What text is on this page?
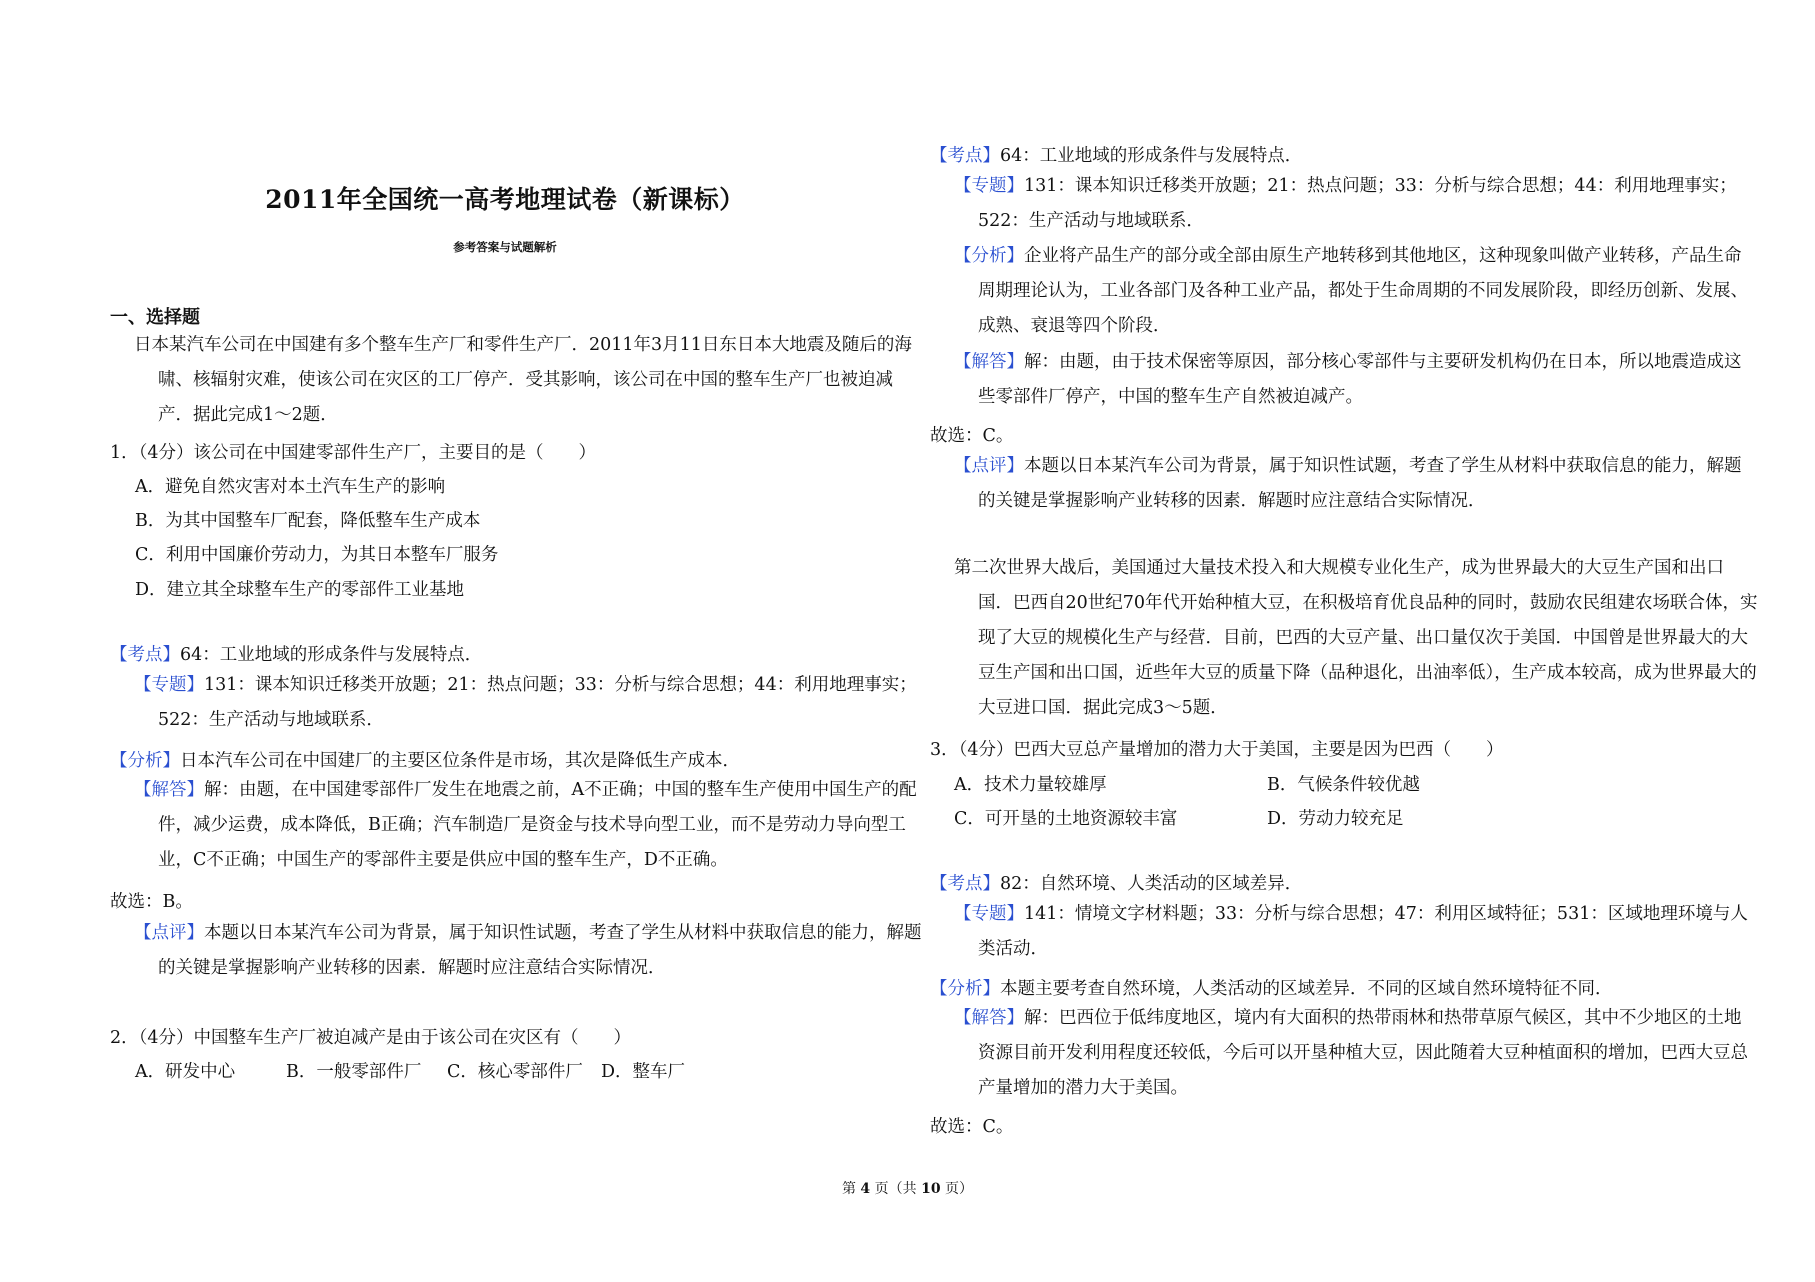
2011年全国统一高考地理试卷（新课标）
参考答案与试题解析
一、选择题
日本某汽车公司在中国建有多个整车生产厂和零件生产厂．2011年3月11日东日本大地震及随后的海啸、核辐射灾难，使该公司在灾区的工厂停产．受其影响，该公司在中国的整车生产厂也被迫减产．据此完成1～2题．
1．（4分）该公司在中国建零部件生产厂，主要目的是（　　）
A．避免自然灾害对本土汽车生产的影响
B．为其中国整车厂配套，降低整车生产成本
C．利用中国廉价劳动力，为其日本整车厂服务
D．建立其全球整车生产的零部件工业基地
【考点】64：工业地域的形成条件与发展特点．
【专题】131：课本知识迁移类开放题；21：热点问题；33：分析与综合思想；44：利用地理事实；522：生产活动与地域联系．
【分析】日本汽车公司在中国建厂的主要区位条件是市场，其次是降低生产成本．
【解答】解：由题，在中国建零部件厂发生在地震之前，A不正确；中国的整车生产使用中国生产的配件，减少运费，成本降低，B正确；汽车制造厂是资金与技术导向型工业，而不是劳动力导向型工业，C不正确；中国生产的零部件主要是供应中国的整车生产，D不正确。
故选：B。
【点评】本题以日本某汽车公司为背景，属于知识性试题，考查了学生从材料中获取信息的能力，解题的关键是掌握影响产业转移的因素．解题时应注意结合实际情况．
2．（4分）中国整车生产厂被迫减产是由于该公司在灾区有（　　）
A．研发中心	B．一般零部件厂 C．核心零部件厂 D．整车厂
【考点】64：工业地域的形成条件与发展特点．
【专题】131：课本知识迁移类开放题；21：热点问题；33：分析与综合思想；44：利用地理事实；522：生产活动与地域联系．
【分析】企业将产品生产的部分或全部由原生产地转移到其他地区，这种现象叫做产业转移，产品生命周期理论认为，工业各部门及各种工业产品，都处于生命周期的不同发展阶段，即经历创新、发展、成熟、衰退等四个阶段．
【解答】解：由题，由于技术保密等原因，部分核心零部件与主要研发机构仍在日本，所以地震造成这些零部件厂停产，中国的整车生产自然被迫减产。
故选：C。
【点评】本题以日本某汽车公司为背景，属于知识性试题，考查了学生从材料中获取信息的能力，解题的关键是掌握影响产业转移的因素．解题时应注意结合实际情况．
第二次世界大战后，美国通过大量技术投入和大规模专业化生产，成为世界最大的大豆生产国和出口国．巴西自20世纪70年代开始种植大豆，在积极培育优良品种的同时，鼓励农民组建农场联合体，实现了大豆的规模化生产与经营．目前，巴西的大豆产量、出口量仅次于美国．中国曾是世界最大的大豆生产国和出口国，近些年大豆的质量下降（品种退化，出油率低），生产成本较高，成为世界最大的大豆进口国．据此完成3～5题．
3．（4分）巴西大豆总产量增加的潜力大于美国，主要是因为巴西（　　）
A．技术力量较雄厚	B．气候条件较优越
C．可开垦的土地资源较丰富	D．劳动力较充足
【考点】82：自然环境、人类活动的区域差异．
【专题】141：情境文字材料题；33：分析与综合思想；47：利用区域特征；531：区域地理环境与人类活动．
【分析】本题主要考查自然环境，人类活动的区域差异．不同的区域自然环境特征不同．
【解答】解：巴西位于低纬度地区，境内有大面积的热带雨林和热带草原气候区，其中不少地区的土地资源目前开发利用程度还较低，今后可以开垦种植大豆，因此随着大豆种植面积的增加，巴西大豆总产量增加的潜力大于美国。
故选：C。
第 4 页（共 10 页）
